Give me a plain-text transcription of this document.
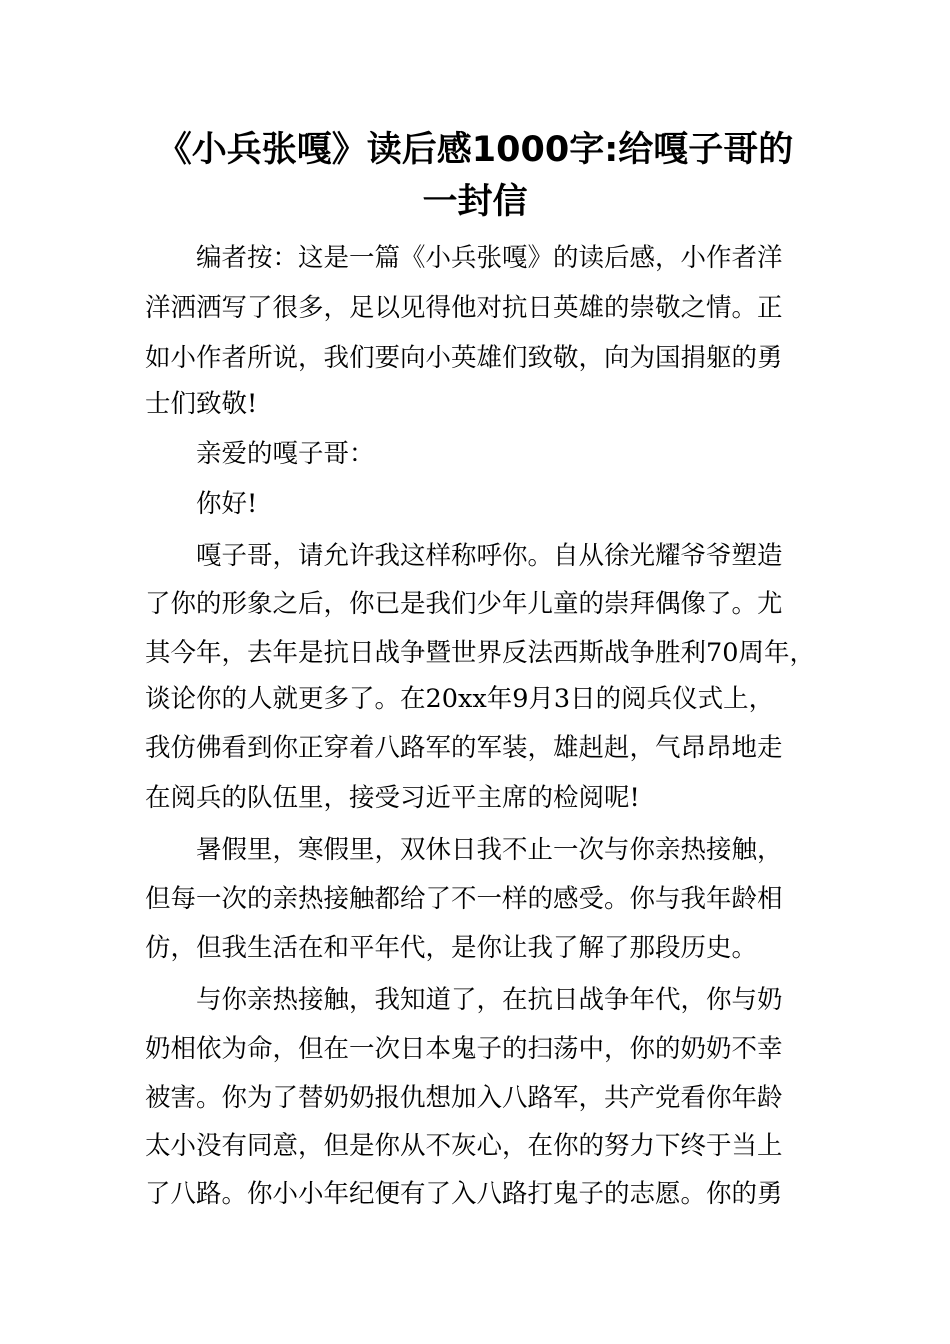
《小兵张嘎》读后感1000字:给嘎子哥的
一封信

　　编者按：这是一篇《小兵张嘎》的读后感，小作者洋

洋洒洒写了很多，足以见得他对抗日英雄的崇敬之情。正

如小作者所说，我们要向小英雄们致敬，向为国捐躯的勇

士们致敬!

　　亲爱的嘎子哥：

　　你好!

　　嘎子哥，请允许我这样称呼你。自从徐光耀爷爷塑造

了你的形象之后，你已是我们少年儿童的崇拜偶像了。尤

其今年，去年是抗日战争暨世界反法西斯战争胜利70周年，

谈论你的人就更多了。在20xx年9月3日的阅兵仪式上，

我仿佛看到你正穿着八路军的军装，雄赳赳，气昂昂地走

在阅兵的队伍里，接受习近平主席的检阅呢!

　　暑假里，寒假里，双休日我不止一次与你亲热接触，

但每一次的亲热接触都给了不一样的感受。你与我年龄相

仿，但我生活在和平年代，是你让我了解了那段历史。

　　与你亲热接触，我知道了，在抗日战争年代，你与奶

奶相依为命，但在一次日本鬼子的扫荡中，你的奶奶不幸

被害。你为了替奶奶报仇想加入八路军，共产党看你年龄

太小没有同意，但是你从不灰心，在你的努力下终于当上

了八路。你小小年纪便有了入八路打鬼子的志愿。你的勇
